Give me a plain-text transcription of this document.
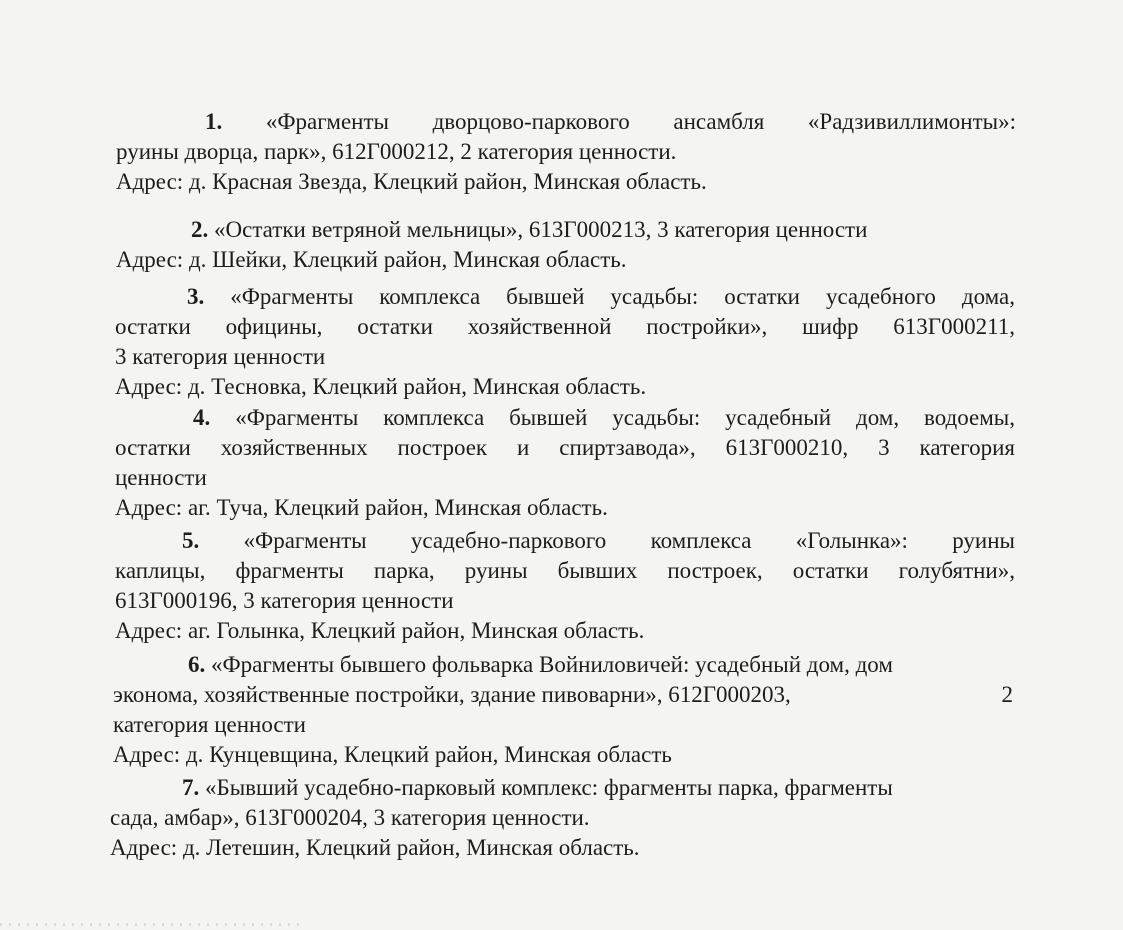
1. «Фрагменты дворцово-паркового ансамбля «Радзивиллимонты»:
руины дворца, парк», 612Г000212, 2 категория ценности.
Адрес: д. Красная Звезда, Клецкий район, Минская область.
2. «Остатки ветряной мельницы», 613Г000213, 3 категория ценности
Адрес: д. Шейки, Клецкий район, Минская область.
3. «Фрагменты комплекса бывшей усадьбы: остатки усадебного дома,
остатки официны, остатки хозяйственной постройки», шифр 613Г000211,
3 категория ценности
Адрес: д. Тесновка, Клецкий район, Минская область.
4. «Фрагменты комплекса бывшей усадьбы: усадебный дом, водоемы,
остатки хозяйственных построек и спиртзавода», 613Г000210, 3 категория
ценности
Адрес: аг. Туча, Клецкий район, Минская область.
5. «Фрагменты усадебно-паркового комплекса «Голынка»: руины
каплицы, фрагменты парка, руины бывших построек, остатки голубятни»,
613Г000196, 3 категория ценности
Адрес: аг. Голынка, Клецкий район, Минская область.
6. «Фрагменты бывшего фольварка Войниловичей: усадебный дом, дом
эконома, хозяйственные постройки, здание пивоварни», 612Г000203,	2
категория ценности
Адрес: д. Кунцевщина, Клецкий район, Минская область
7. «Бывший усадебно-парковый комплекс: фрагменты парка, фрагменты
сада, амбар», 613Г000204, 3 категория ценности.
Адрес: д. Летешин, Клецкий район, Минская область.
